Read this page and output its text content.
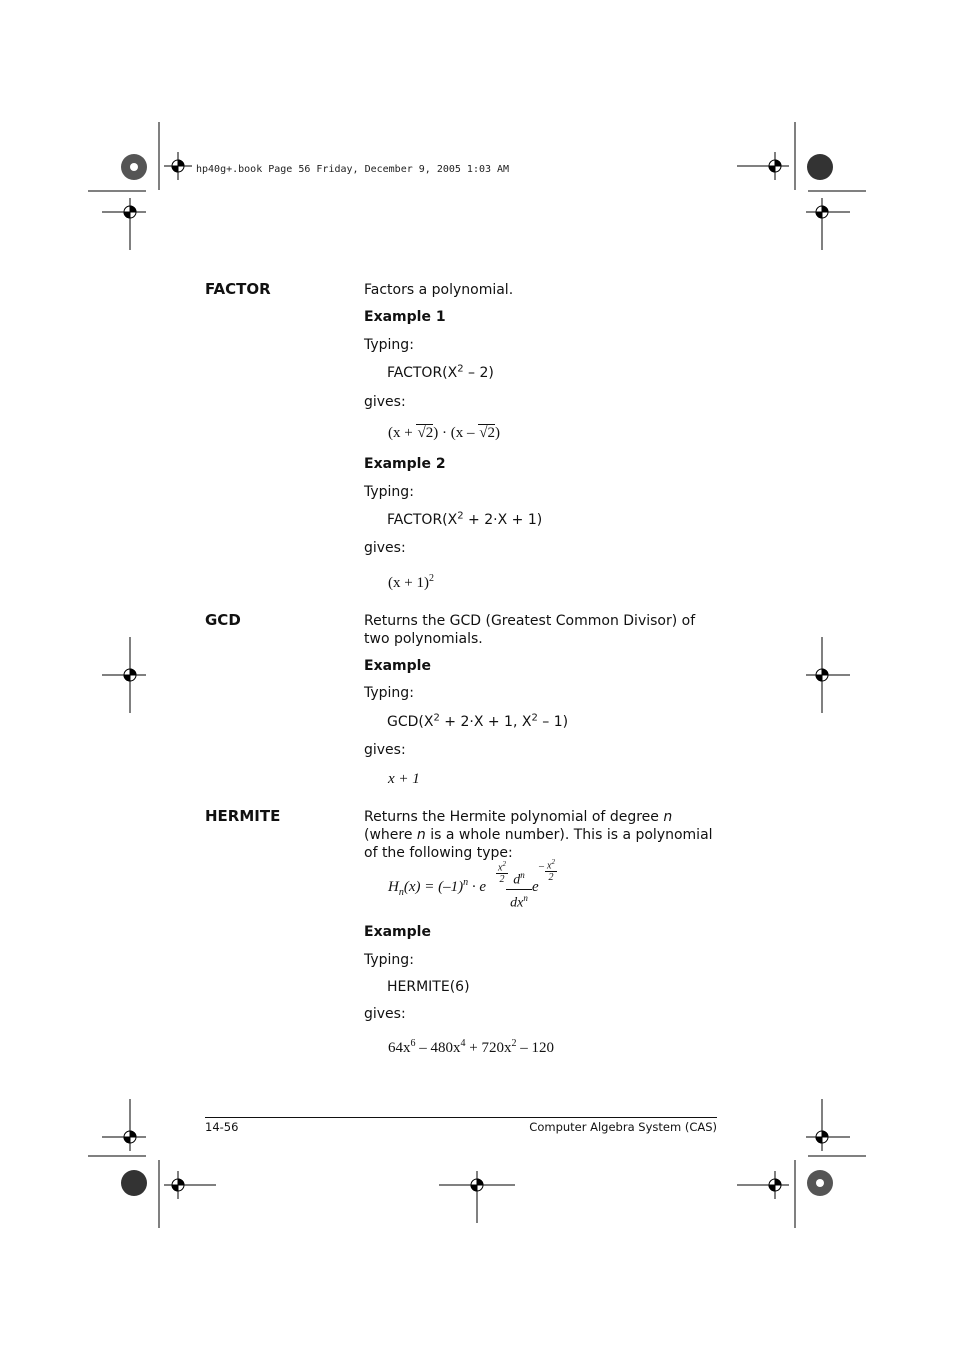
hp40g+.book Page 56 Friday, December 9, 2005 1:03 AM
FACTOR	Factors a polynomial.
Example 1
Typing:
$FACTOR(X^2 - 2)$
gives:
(x + √2) · (x – √2)
Example 2
Typing:
$FACTOR(X^2 + 2\cdot X + 1)$
gives:
$(x + 1)^2$
GCD	Returns the GCD (Greatest Common Divisor) of two polynomials.
Example
Typing:
$GCD(X^2 + 2\cdot X + 1$, $X^2 - 1$)
gives:
x + 1
HERMITE	Returns the Hermite polynomial of degree n (where n is a whole number). This is a polynomial of the following type:
$H_n(x) = (-1)^n \cdot e$
$x^2$
2 $d^n$
$dx^n$
e
– $x^2$
2
Example
Typing:
HERMITE(6)
gives:
$64x^6 - 480x^4 + 720x^2 - 120$
14-56	Computer Algebra System (CAS)
